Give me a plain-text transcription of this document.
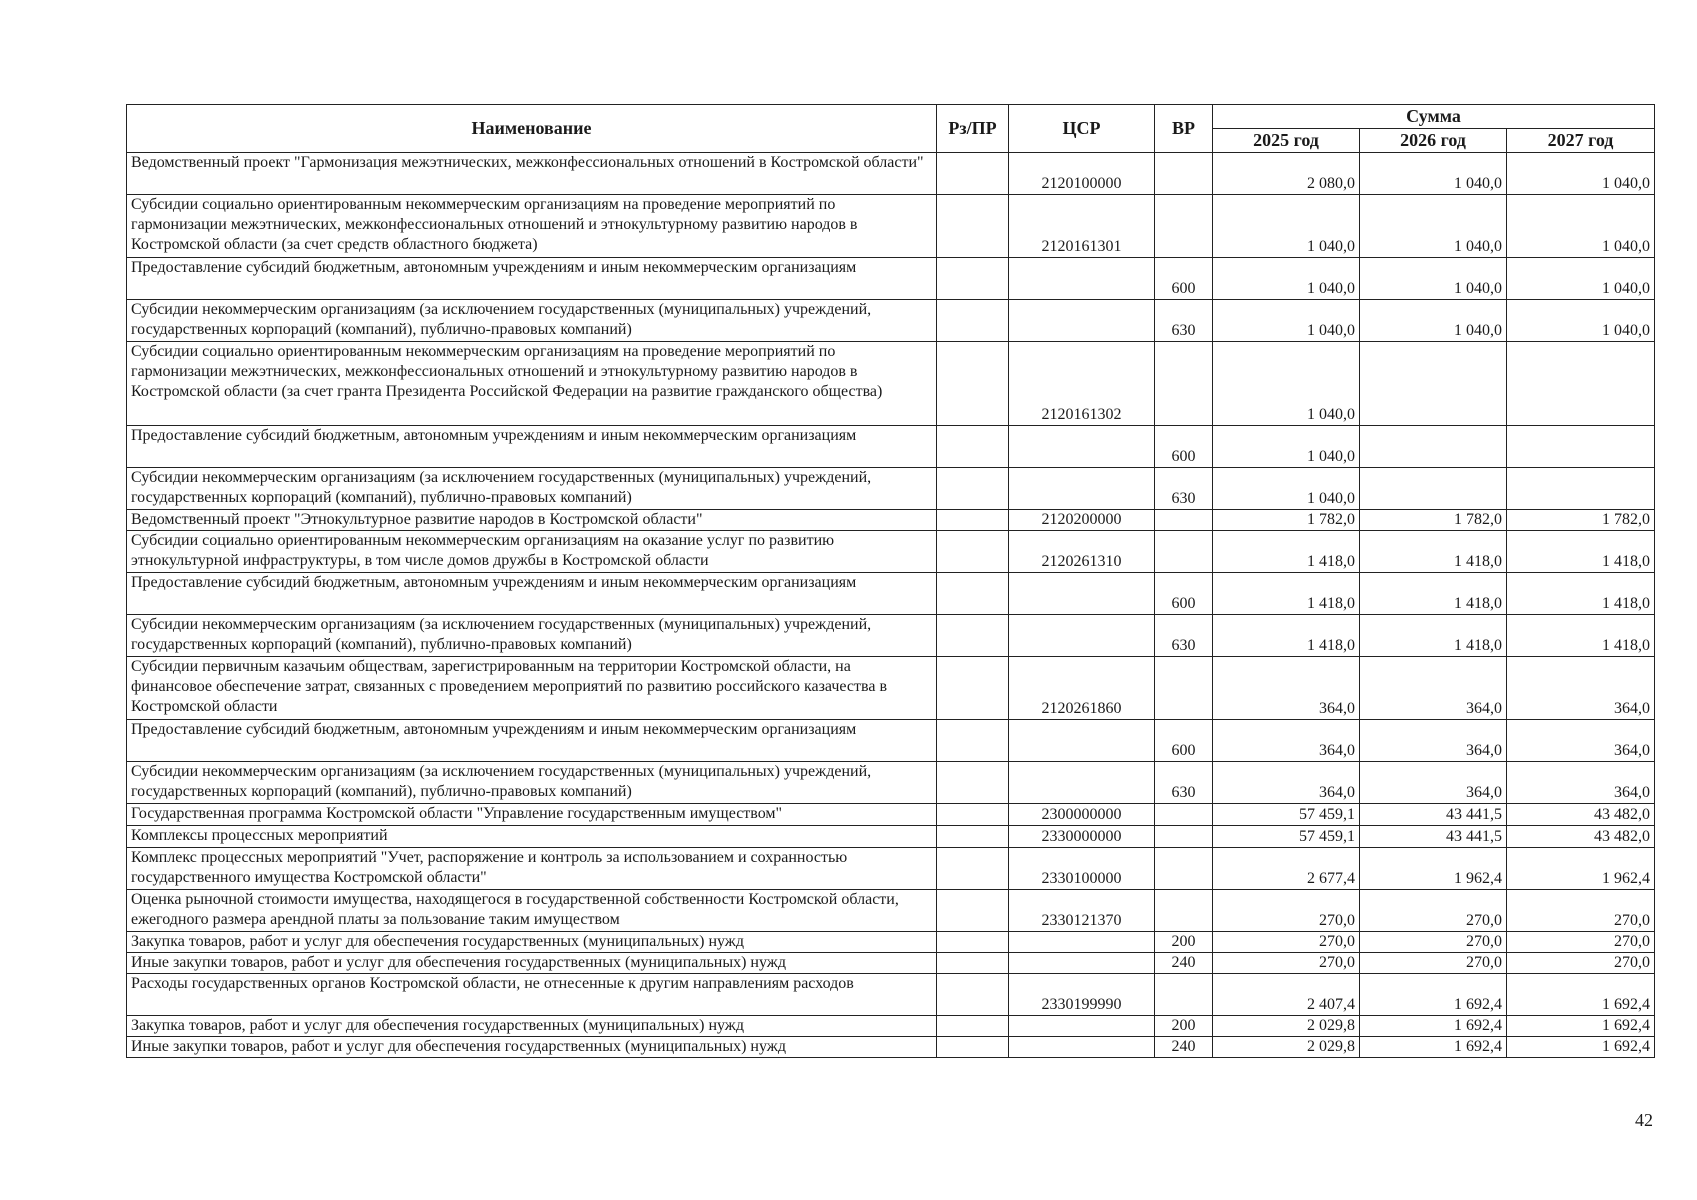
Наименование	Рз/ПР	ЦСР	ВР	Сумма		
				2025 год	2026 год	2027 год
Ведомственный проект "Гармонизация межэтнических, межконфессиональных отношений в Костромской области"		2120100000		2 080,0	1 040,0	1 040,0
Субсидии социально ориентированным некоммерческим организациям на проведение мероприятий по гармонизации межэтнических, межконфессиональных отношений и этнокультурному развитию народов в Костромской области (за счет средств областного бюджета)		2120161301		1 040,0	1 040,0	1 040,0
Предоставление субсидий бюджетным, автономным учреждениям и иным некоммерческим организациям			600	1 040,0	1 040,0	1 040,0
Субсидии некоммерческим организациям (за исключением государственных (муниципальных) учреждений, государственных корпораций (компаний), публично-правовых компаний)			630	1 040,0	1 040,0	1 040,0
Субсидии социально ориентированным некоммерческим организациям на проведение мероприятий по гармонизации межэтнических, межконфессиональных отношений и этнокультурному развитию народов в Костромской области (за счет гранта Президента Российской Федерации на развитие гражданского общества)		2120161302		1 040,0		
Предоставление субсидий бюджетным, автономным учреждениям и иным некоммерческим организациям			600	1 040,0		
Субсидии некоммерческим организациям (за исключением государственных (муниципальных) учреждений, государственных корпораций (компаний), публично-правовых компаний)			630	1 040,0		
Ведомственный проект "Этнокультурное развитие народов в Костромской области"		2120200000		1 782,0	1 782,0	1 782,0
Субсидии социально ориентированным некоммерческим организациям на оказание услуг по развитию этнокультурной инфраструктуры, в том числе домов дружбы в Костромской области		2120261310		1 418,0	1 418,0	1 418,0
Предоставление субсидий бюджетным, автономным учреждениям и иным некоммерческим организациям			600	1 418,0	1 418,0	1 418,0
Субсидии некоммерческим организациям (за исключением государственных (муниципальных) учреждений, государственных корпораций (компаний), публично-правовых компаний)			630	1 418,0	1 418,0	1 418,0
Субсидии первичным казачьим обществам, зарегистрированным на территории Костромской области, на финансовое обеспечение затрат, связанных с проведением мероприятий по развитию российского казачества в Костромской области		2120261860		364,0	364,0	364,0
Предоставление субсидий бюджетным, автономным учреждениям и иным некоммерческим организациям			600	364,0	364,0	364,0
Субсидии некоммерческим организациям (за исключением государственных (муниципальных) учреждений, государственных корпораций (компаний), публично-правовых компаний)			630	364,0	364,0	364,0
Государственная программа Костромской области "Управление государственным имуществом"		2300000000		57 459,1	43 441,5	43 482,0
Комплексы процессных мероприятий		2330000000		57 459,1	43 441,5	43 482,0
Комплекс процессных мероприятий "Учет, распоряжение и контроль за использованием и сохранностью государственного имущества Костромской области"		2330100000		2 677,4	1 962,4	1 962,4
Оценка рыночной стоимости имущества, находящегося в государственной собственности Костромской области, ежегодного размера арендной платы за пользование таким имуществом		2330121370		270,0	270,0	270,0
Закупка товаров, работ и услуг для обеспечения государственных (муниципальных) нужд			200	270,0	270,0	270,0
Иные закупки товаров, работ и услуг для обеспечения государственных (муниципальных) нужд			240	270,0	270,0	270,0
Расходы государственных органов Костромской области, не отнесенные к другим направлениям расходов		2330199990		2 407,4	1 692,4	1 692,4
Закупка товаров, работ и услуг для обеспечения государственных (муниципальных) нужд			200	2 029,8	1 692,4	1 692,4
Иные закупки товаров, работ и услуг для обеспечения государственных (муниципальных) нужд			240	2 029,8	1 692,4	1 692,4
42
